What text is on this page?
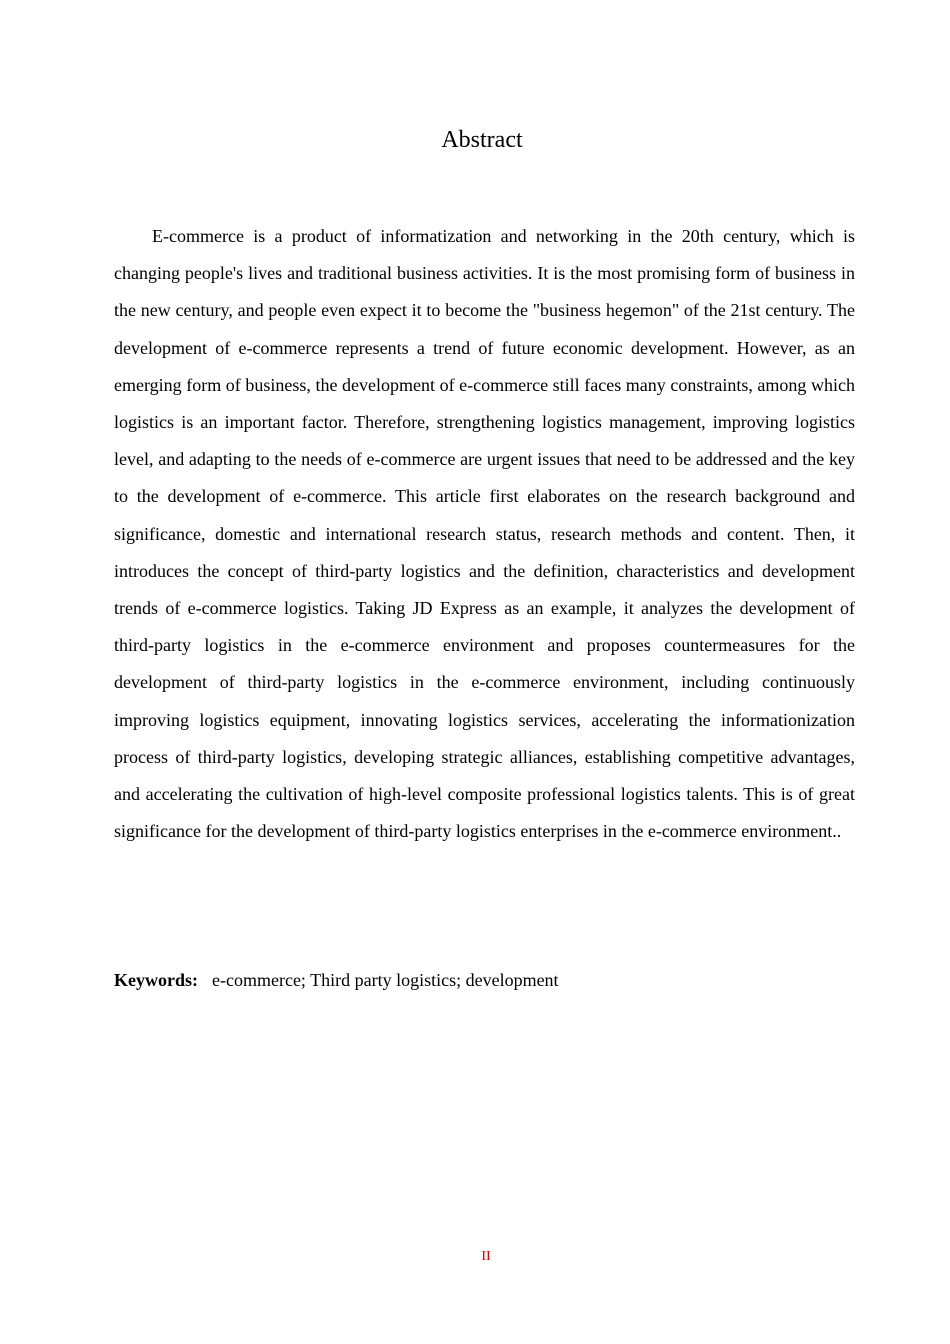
Abstract

E-commerce is a product of informatization and networking in the 20th century, which is changing people's lives and traditional business activities. It is the most promising form of business in the new century, and people even expect it to become the "business hegemon" of the 21st century. The development of e-commerce represents a trend of future economic development. However, as an emerging form of business, the development of e-commerce still faces many constraints, among which logistics is an important factor. Therefore, strengthening logistics management, improving logistics level, and adapting to the needs of e-commerce are urgent issues that need to be addressed and the key to the development of e-commerce. This article first elaborates on the research background and significance, domestic and international research status, research methods and content. Then, it introduces the concept of third-party logistics and the definition, characteristics and development trends of e-commerce logistics. Taking JD Express as an example, it analyzes the development of third-party logistics in the e-commerce environment and proposes countermeasures for the development of third-party logistics in the e-commerce environment, including continuously improving logistics equipment, innovating logistics services, accelerating the informationization process of third-party logistics, developing strategic alliances, establishing competitive advantages, and accelerating the cultivation of high-level composite professional logistics talents. This is of great significance for the development of third-party logistics enterprises in the e-commerce environment..

Keywords: e-commerce; Third party logistics; development
II
